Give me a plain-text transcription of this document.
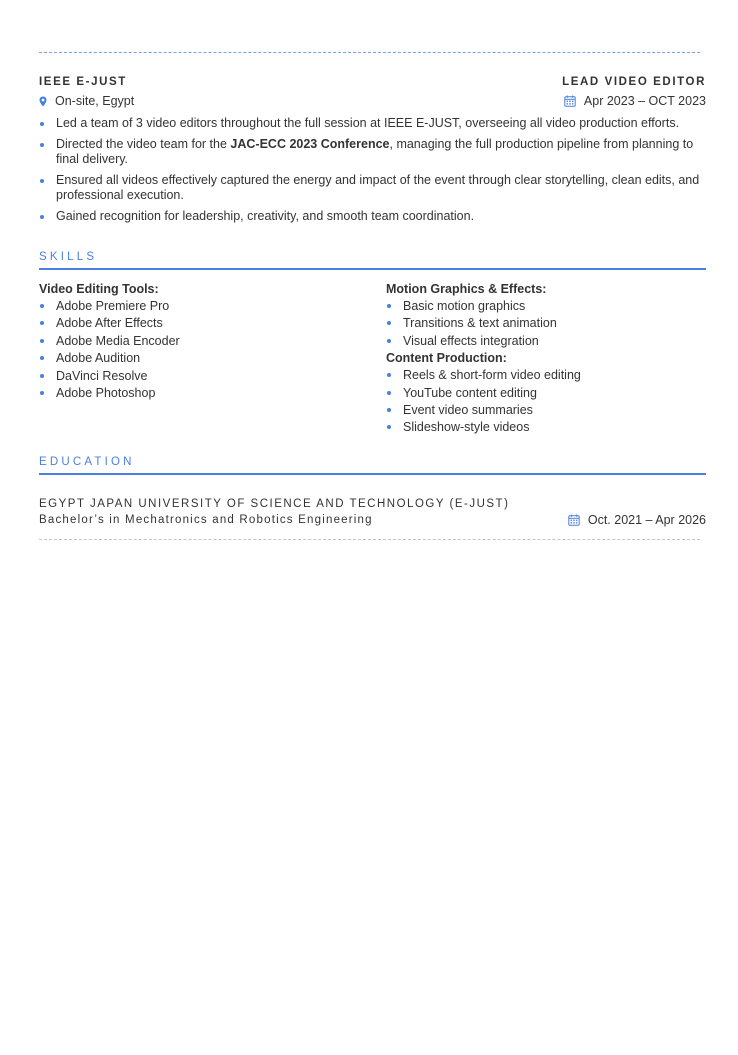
IEEE E-JUST	LEAD VIDEO EDITOR
On-site, Egypt	Apr 2023 – OCT 2023
Led a team of 3 video editors throughout the full session at IEEE E-JUST, overseeing all video production efforts.
Directed the video team for the JAC-ECC 2023 Conference, managing the full production pipeline from planning to final delivery.
Ensured all videos effectively captured the energy and impact of the event through clear storytelling, clean edits, and professional execution.
Gained recognition for leadership, creativity, and smooth team coordination.
SKILLS
Video Editing Tools:
Adobe Premiere Pro
Adobe After Effects
Adobe Media Encoder
Adobe Audition
DaVinci Resolve
Adobe Photoshop
Motion Graphics & Effects:
Basic motion graphics
Transitions & text animation
Visual effects integration
Content Production:
Reels & short-form video editing
YouTube content editing
Event video summaries
Slideshow-style videos
EDUCATION
EGYPT JAPAN UNIVERSITY OF SCIENCE AND TECHNOLOGY (E-JUST)
Bachelor’s in Mechatronics and Robotics Engineering	Oct. 2021 – Apr 2026
